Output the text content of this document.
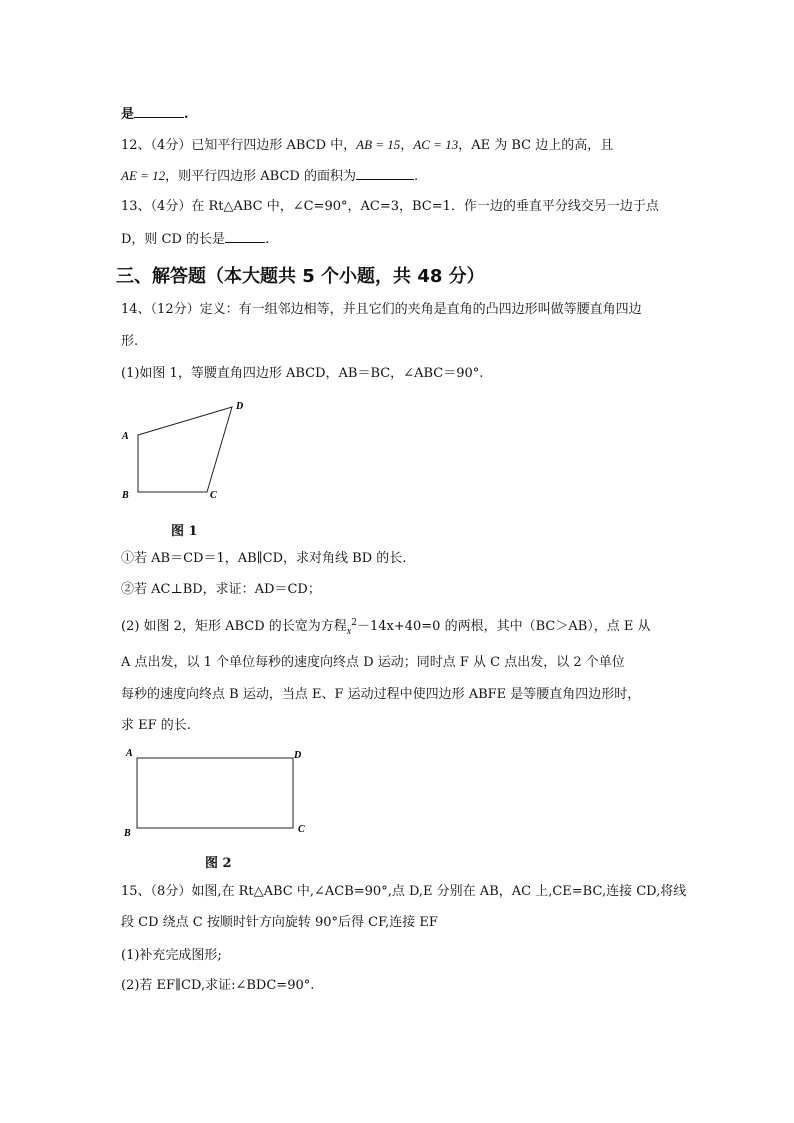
是	.
12、（4分）已知平行四边形 ABCD 中，AB = 15，AC = 13，AE 为 BC 边上的高，且
AE = 12，则平行四边形 ABCD 的面积为	.
13、（4分）在 Rt△ABC 中，∠C=90°，AC=3，BC=1．作一边的垂直平分线交另一边于点
D，则 CD 的长是	.
三、解答题（本大题共 5 个小题，共 48 分）
14、（12分）定义：有一组邻边相等，并且它们的夹角是直角的凸四边形叫做等腰直角四边
形.
(1)如图 1，等腰直角四边形 ABCD，AB＝BC，∠ABC＝90°.
A
D
B	C
图 1
①若 AB＝CD＝1，AB∥CD，求对角线 BD 的长.
②若 AC⊥BD，求证：AD＝CD；
(2) 如图 2，矩形 ABCD 的长宽为方程$_x^2$－14x+40=0 的两根，其中（BC＞AB），点 E 从
A 点出发，以 1 个单位每秒的速度向终点 D 运动；同时点 F 从 C 点出发，以 2 个单位
每秒的速度向终点 B 运动，当点 E、F 运动过程中使四边形 ABFE 是等腰直角四边形时，
求 EF 的长.
A	D
B	C
图 2
15、（8分）如图,在 Rt△ABC 中,∠ACB=90°,点 D,E 分别在 AB，AC 上,CE=BC,连接 CD,将线
段 CD 绕点 C 按顺时针方向旋转 90°后得 CF,连接 EF
(1)补充完成图形;
(2)若 EF∥CD,求证:∠BDC=90°.
